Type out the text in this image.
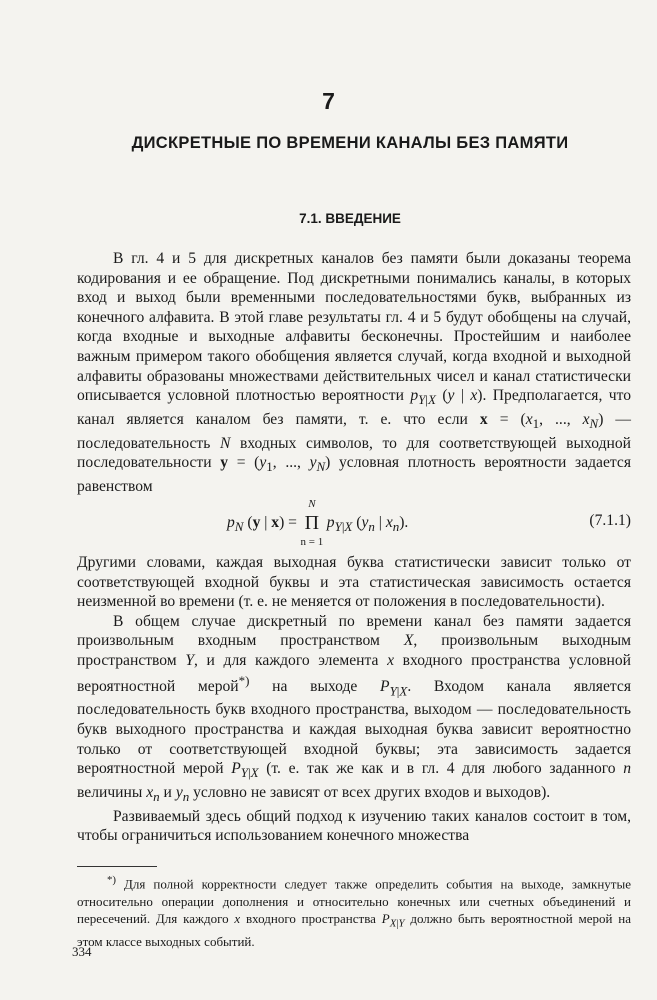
7
ДИСКРЕТНЫЕ ПО ВРЕМЕНИ КАНАЛЫ БЕЗ ПАМЯТИ
7.1. ВВЕДЕНИЕ

В гл. 4 и 5 для дискретных каналов без памяти были доказаны теорема кодирования и ее обращение. Под дискретными понимались каналы, в которых вход и выход были временными последовательностями букв, выбранных из конечного алфавита. В этой главе результаты гл. 4 и 5 будут обобщены на случай, когда входные и выходные алфавиты бесконечны. Простейшим и наиболее важным примером такого обобщения является случай, когда входной и выходной алфавиты образованы множествами действительных чисел и канал статистически описывается условной плотностью вероятности $p_{Y|X}$ (y | x). Предполагается, что канал является каналом без памяти, т. е. что если $x = (x_1$, ..., $x_N$) — последовательность N входных символов, то для соответствующей выходной последовательности $y = (y_1$, ..., $y_N$) условная плотность вероятности задается равенством

$p_N$ (y | x) = Π
N
n = 1
$p_{Y|X}$ ($y_n$ | $x_n$).	(7.1.1)

Другими словами, каждая выходная буква статистически зависит только от соответствующей входной буквы и эта статистическая зависимость остается неизменной во времени (т. е. не меняется от положения в последовательности).

В общем случае дискретный по времени канал без памяти задается произвольным входным пространством X, произвольным выходным пространством Y, и для каждого элемента x входного пространства условной вероятностной мерой*) на выходе $P_{Y|X}$. Входом канала является последовательность букв входного пространства, выходом — последовательность букв выходного пространства и каждая выходная буква зависит вероятностно только от соответствующей входной буквы; эта зависимость задается вероятностной мерой $P_{Y|X}$ (т. е. так же как и в гл. 4 для любого заданного n величины $x_n$ и $y_n$ условно не зависят от всех других входов и выходов).

Развиваемый здесь общий подход к изучению таких каналов состоит в том, чтобы ограничиться использованием конечного множества

*) Для полной корректности следует также определить события на выходе, замкнутые относительно операции дополнения и относительно конечных или счетных объединений и пересечений. Для каждого x входного пространства $P_{X|Y}$ должно быть вероятностной мерой на этом классе выходных событий.

334
